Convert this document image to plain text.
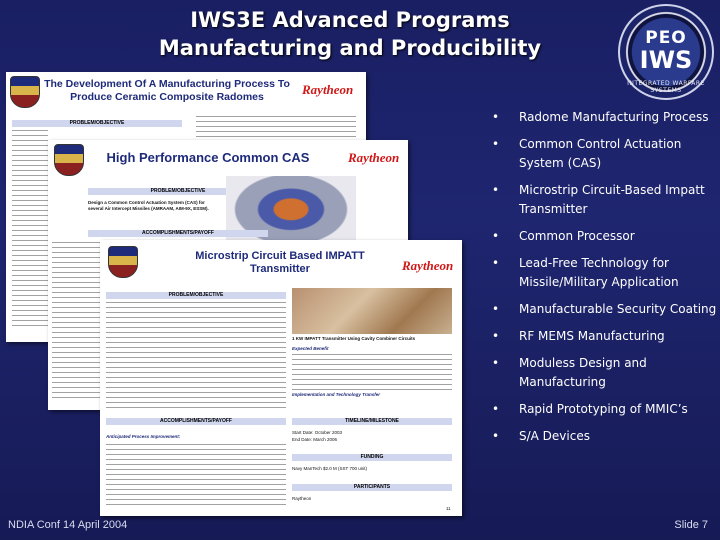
IWS3E Advanced Programs
Manufacturing and Producibility	PEO
IWS
INTEGRATED WARFARE SYSTEMS
The Development Of A Manufacturing Process To Produce Ceramic Composite Radomes	Raytheon
PROBLEM/OBJECTIVE
High Performance Common CAS	Raytheon
PROBLEM/OBJECTIVE
Design a Common Control Actuation System (CAS) for several Air Intercept Missiles (AMRAAM, AIM-9X, ESSM).
ACCOMPLISHMENTS/PAYOFF
Microstrip Circuit Based IMPATT Transmitter	Raytheon
PROBLEM/OBJECTIVE
1 KW IMPATT Transmitter Using Cavity Combiner Circuits
Expected Benefit
Implementation and Technology Transfer
ACCOMPLISHMENTS/PAYOFF	TIMELINE/MILESTONE
Start Date: October 2003
End Date: March 2006
FUNDING
Navy ManTech $2.0 M (SST 700 unit)
PARTICIPANTS
Raytheon
Anticipated Process Improvement:
11
• Radome Manufacturing Process
• Common Control Actuation System (CAS)
• Microstrip Circuit-Based Impatt Transmitter
• Common Processor
• Lead-Free Technology for Missile/Military Application
• Manufacturable Security Coating
• RF MEMS Manufacturing
• Moduless Design and Manufacturing
• Rapid Prototyping of MMIC’s
• S/A Devices
NDIA Conf 14 April 2004	Slide 7
